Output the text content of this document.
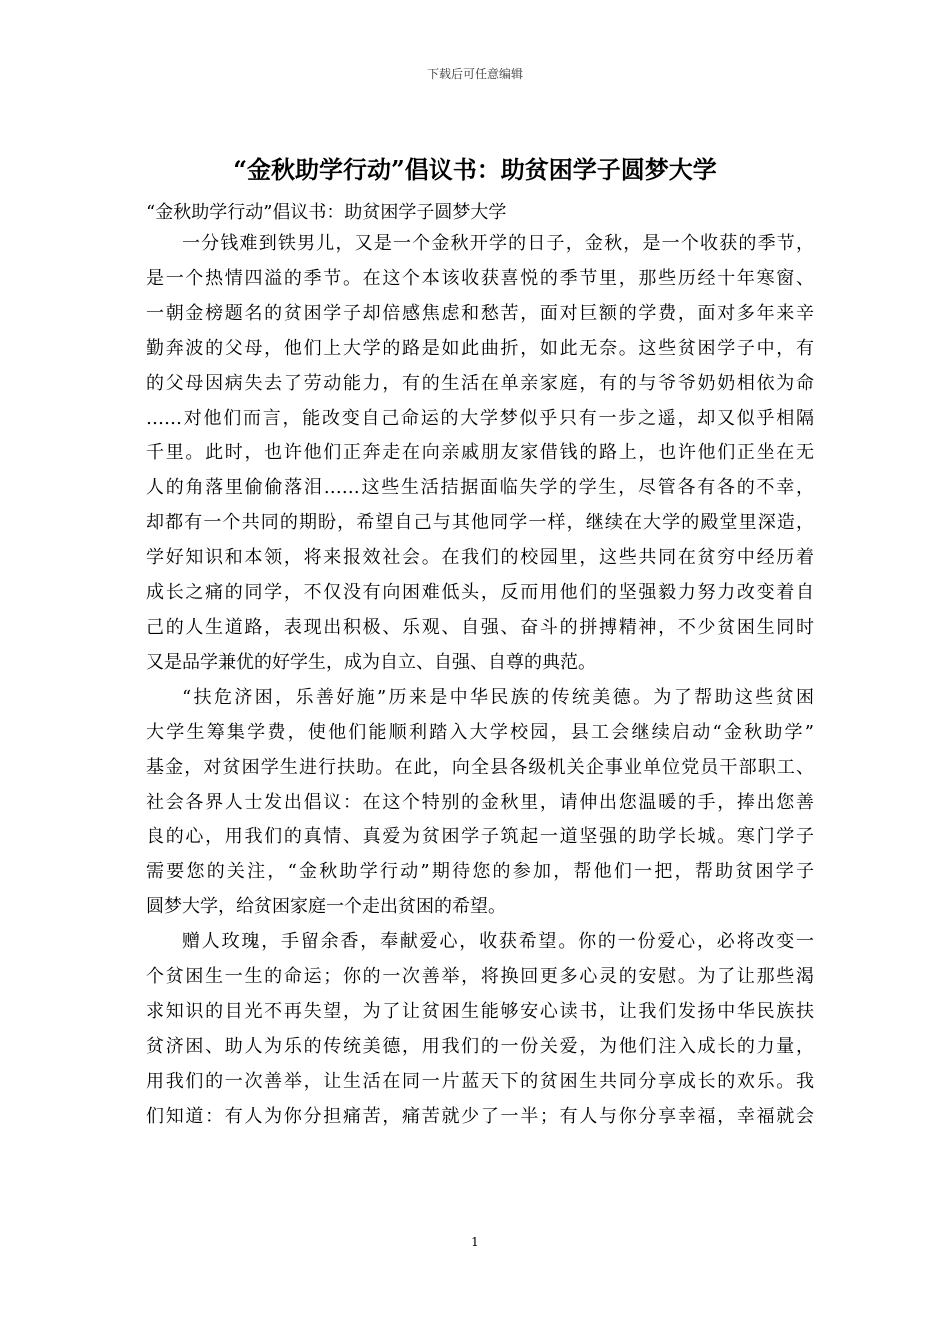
下载后可任意编辑
“金秋助学行动”倡议书：助贫困学子圆梦大学

“金秋助学行动”倡议书：助贫困学子圆梦大学

一分钱难到铁男儿，又是一个金秋开学的日子，金秋，是一个收获的季节，

是一个热情四溢的季节。在这个本该收获喜悦的季节里，那些历经十年寒窗、

一朝金榜题名的贫困学子却倍感焦虑和愁苦，面对巨额的学费，面对多年来辛

勤奔波的父母，他们上大学的路是如此曲折，如此无奈。这些贫困学子中，有

的父母因病失去了劳动能力，有的生活在单亲家庭，有的与爷爷奶奶相依为命

……对他们而言，能改变自己命运的大学梦似乎只有一步之遥，却又似乎相隔

千里。此时，也许他们正奔走在向亲戚朋友家借钱的路上，也许他们正坐在无

人的角落里偷偷落泪……这些生活拮据面临失学的学生，尽管各有各的不幸，

却都有一个共同的期盼，希望自己与其他同学一样，继续在大学的殿堂里深造，

学好知识和本领，将来报效社会。在我们的校园里，这些共同在贫穷中经历着

成长之痛的同学，不仅没有向困难低头，反而用他们的坚强毅力努力改变着自

己的人生道路，表现出积极、乐观、自强、奋斗的拼搏精神，不少贫困生同时

又是品学兼优的好学生，成为自立、自强、自尊的典范。

“扶危济困，乐善好施”历来是中华民族的传统美德。为了帮助这些贫困

大学生筹集学费，使他们能顺利踏入大学校园，县工会继续启动“金秋助学”

基金，对贫困学生进行扶助。在此，向全县各级机关企事业单位党员干部职工、

社会各界人士发出倡议：在这个特别的金秋里，请伸出您温暖的手，捧出您善

良的心，用我们的真情、真爱为贫困学子筑起一道坚强的助学长城。寒门学子

需要您的关注，“金秋助学行动”期待您的参加，帮他们一把，帮助贫困学子

圆梦大学，给贫困家庭一个走出贫困的希望。

赠人玫瑰，手留余香，奉献爱心，收获希望。你的一份爱心，必将改变一

个贫困生一生的命运；你的一次善举，将换回更多心灵的安慰。为了让那些渴

求知识的目光不再失望，为了让贫困生能够安心读书，让我们发扬中华民族扶

贫济困、助人为乐的传统美德，用我们的一份关爱，为他们注入成长的力量，

用我们的一次善举，让生活在同一片蓝天下的贫困生共同分享成长的欢乐。我

们知道：有人为你分担痛苦，痛苦就少了一半；有人与你分享幸福，幸福就会

1
